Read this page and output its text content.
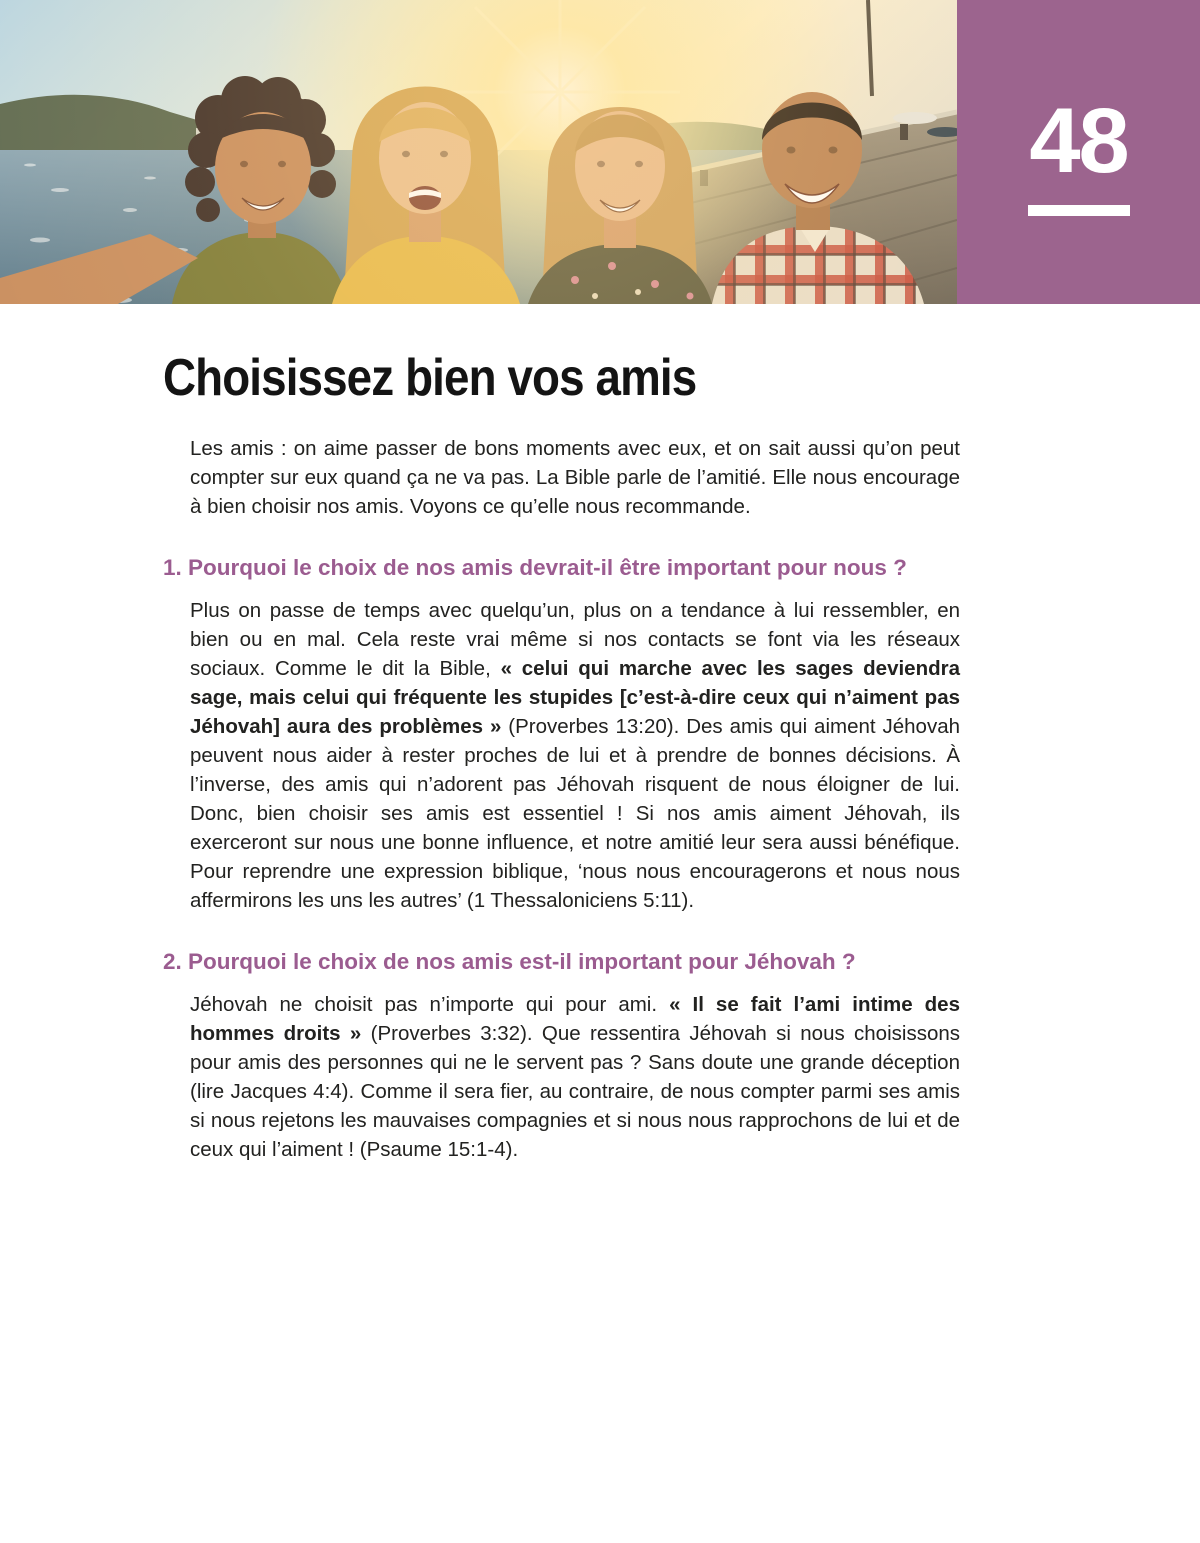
48
Choisissez bien vos amis

Les amis : on aime passer de bons moments avec eux, et on sait aussi qu’on peut compter sur eux quand ça ne va pas. La Bible parle de l’amitié. Elle nous encourage à bien choisir nos amis. Voyons ce qu’elle nous recommande.

1. Pourquoi le choix de nos amis devrait-il être important pour nous ?

Plus on passe de temps avec quelqu’un, plus on a tendance à lui ressembler, en bien ou en mal. Cela reste vrai même si nos contacts se font via les réseaux sociaux. Comme le dit la Bible, « celui qui marche avec les sages deviendra sage, mais celui qui fréquente les stupides [c’est-à-dire ceux qui n’aiment pas Jéhovah] aura des problèmes » (Proverbes 13:20). Des amis qui aiment Jéhovah peuvent nous aider à rester proches de lui et à prendre de bonnes décisions. À l’inverse, des amis qui n’adorent pas Jéhovah risquent de nous éloigner de lui. Donc, bien choisir ses amis est essentiel ! Si nos amis aiment Jéhovah, ils exerceront sur nous une bonne influence, et notre amitié leur sera aussi bénéfique. Pour reprendre une expression biblique, ‘nous nous encouragerons et nous nous affermirons les uns les autres’ (1 Thessaloniciens 5:11).

2. Pourquoi le choix de nos amis est-il important pour Jéhovah ?

Jéhovah ne choisit pas n’importe qui pour ami. « Il se fait l’ami intime des hommes droits » (Proverbes 3:32). Que ressentira Jéhovah si nous choisissons pour amis des personnes qui ne le servent pas ? Sans doute une grande déception (lire Jacques 4:4). Comme il sera fier, au contraire, de nous compter parmi ses amis si nous rejetons les mauvaises compagnies et si nous nous rapprochons de lui et de ceux qui l’aiment ! (Psaume 15:1-4).
